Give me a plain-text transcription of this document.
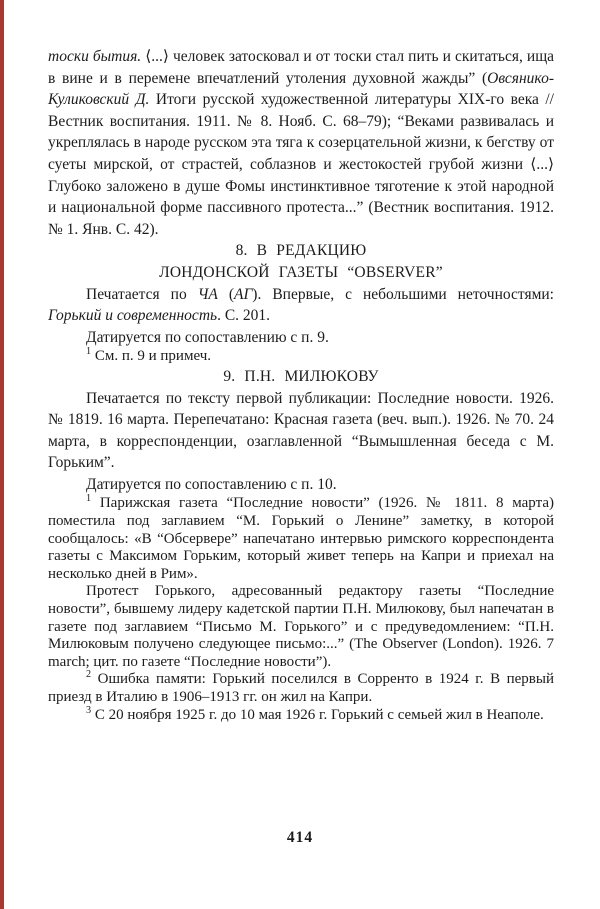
тоски бытия. ⟨...⟩ человек затосковал и от тоски стал пить и скитаться, ища в вине и в перемене впечатлений утоления духовной жажды” (Овсянико-Куликовский Д. Итоги русской художественной литературы XIX-го века // Вестник воспитания. 1911. № 8. Нояб. С. 68–79); “Веками развивалась и укреплялась в народе русском эта тяга к созерцательной жизни, к бегству от суеты мирской, от страстей, соблазнов и жестокостей грубой жизни ⟨...⟩ Глубоко заложено в душе Фомы инстинктивное тяготение к этой народной и национальной форме пассивного протеста...” (Вестник воспитания. 1912. № 1. Янв. С. 42).

8. В РЕДАКЦИЮ

ЛОНДОНСКОЙ ГАЗЕТЫ “OBSERVER”

Печатается по ЧА (АГ). Впервые, с небольшими неточностями: Горький и современность. С. 201.

Датируется по сопоставлению с п. 9.

$^1$ См. п. 9 и примеч.

9. П.Н. МИЛЮКОВУ

Печатается по тексту первой публикации: Последние новости. 1926. № 1819. 16 марта. Перепечатано: Красная газета (веч. вып.). 1926. № 70. 24 марта, в корреспонденции, озаглавленной “Вымышленная беседа с М. Горьким”.

Датируется по сопоставлению с п. 10.

$^1$ Парижская газета “Последние новости” (1926. № 1811. 8 марта) поместила под заглавием “М. Горький о Ленине” заметку, в которой сообщалось: «В “Обсервере” напечатано интервью римского корреспондента газеты с Максимом Горьким, который живет теперь на Капри и приехал на несколько дней в Рим».

Протест Горького, адресованный редактору газеты “Последние новости”, бывшему лидеру кадетской партии П.Н. Милюкову, был напечатан в газете под заглавием “Письмо М. Горького” и с предуведомлением: “П.Н. Милюковым получено следующее письмо:...” (The Observer (London). 1926. 7 march; цит. по газете “Последние новости”).

$^2$ Ошибка памяти: Горький поселился в Сорренто в 1924 г. В первый приезд в Италию в 1906–1913 гг. он жил на Капри.

$^3$ С 20 ноября 1925 г. до 10 мая 1926 г. Горький с семьей жил в Неаполе.

414
